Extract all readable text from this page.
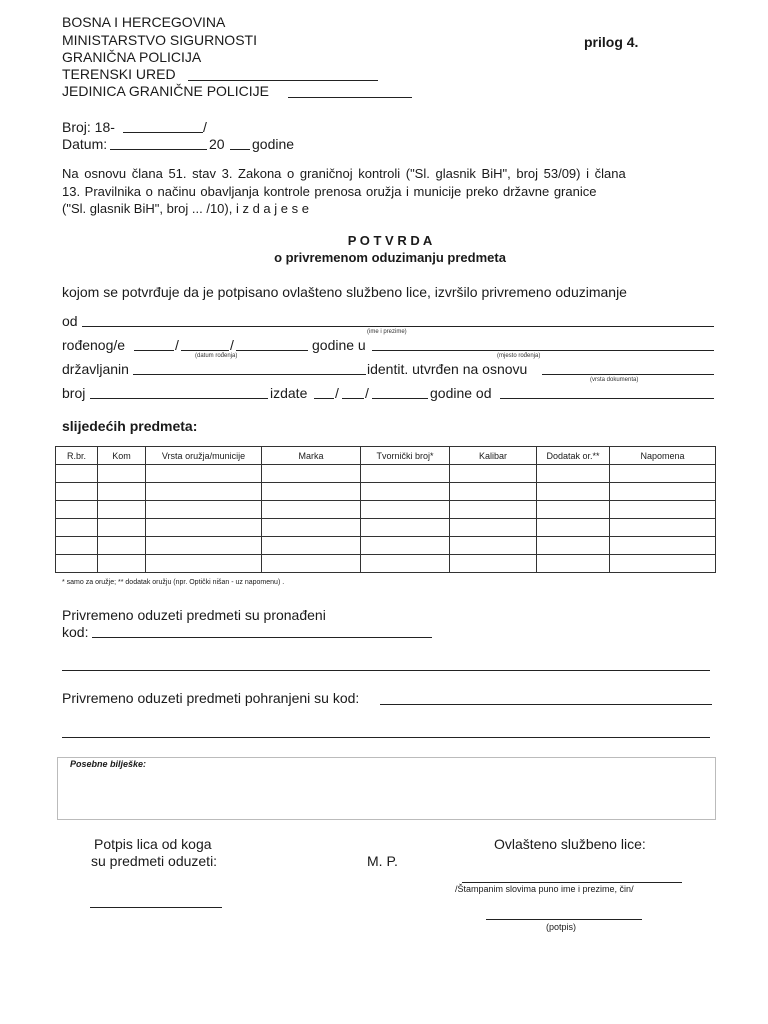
BOSNA I HERCEGOVINA
MINISTARSTVO SIGURNOSTI
GRANIČNA POLICIJA
TERENSKI URED
JEDINICA GRANIČNE POLICIJE
prilog 4.
Broj: 18-	/
Datum:	20 godine
Na osnovu člana 51. stav 3. Zakona o graničnoj kontroli ("Sl. glasnik BiH", broj 53/09) i člana
13. Pravilnika o načinu obavljanja kontrole prenosa oružja i municije preko državne granice
("Sl. glasnik BiH", broj ... /10), i z d a j e s e
P O T V R D A
o privremenom oduzimanju predmeta
kojom se potvrđuje da je potpisano ovlašteno službeno lice, izvršilo privremeno oduzimanje
od
(ime i prezime)
rođenog/e	/	/	godine u
(datum rođenja)	(mjesto rođenja)
državljanin	identit. utvrđen na osnovu
(vrsta dokumenta)
broj	izdate / /	godine od
slijedećih predmeta:
R.br.	Kom	Vrsta oružja/municije	Marka	Tvornički broj*	Kalibar	Dodatak or.**	Napomena

* samo za oružje; ** dodatak oružju (npr. Optički nišan - uz napomenu) .
Privremeno oduzeti predmeti su pronađeni
kod:
Privremeno oduzeti predmeti pohranjeni su kod:
Posebne bilješke:
Potpis lica od koga
su predmeti oduzeti:	M. P.
Ovlašteno službeno lice:
/Štampanim slovima puno ime i prezime, čin/
(potpis)
